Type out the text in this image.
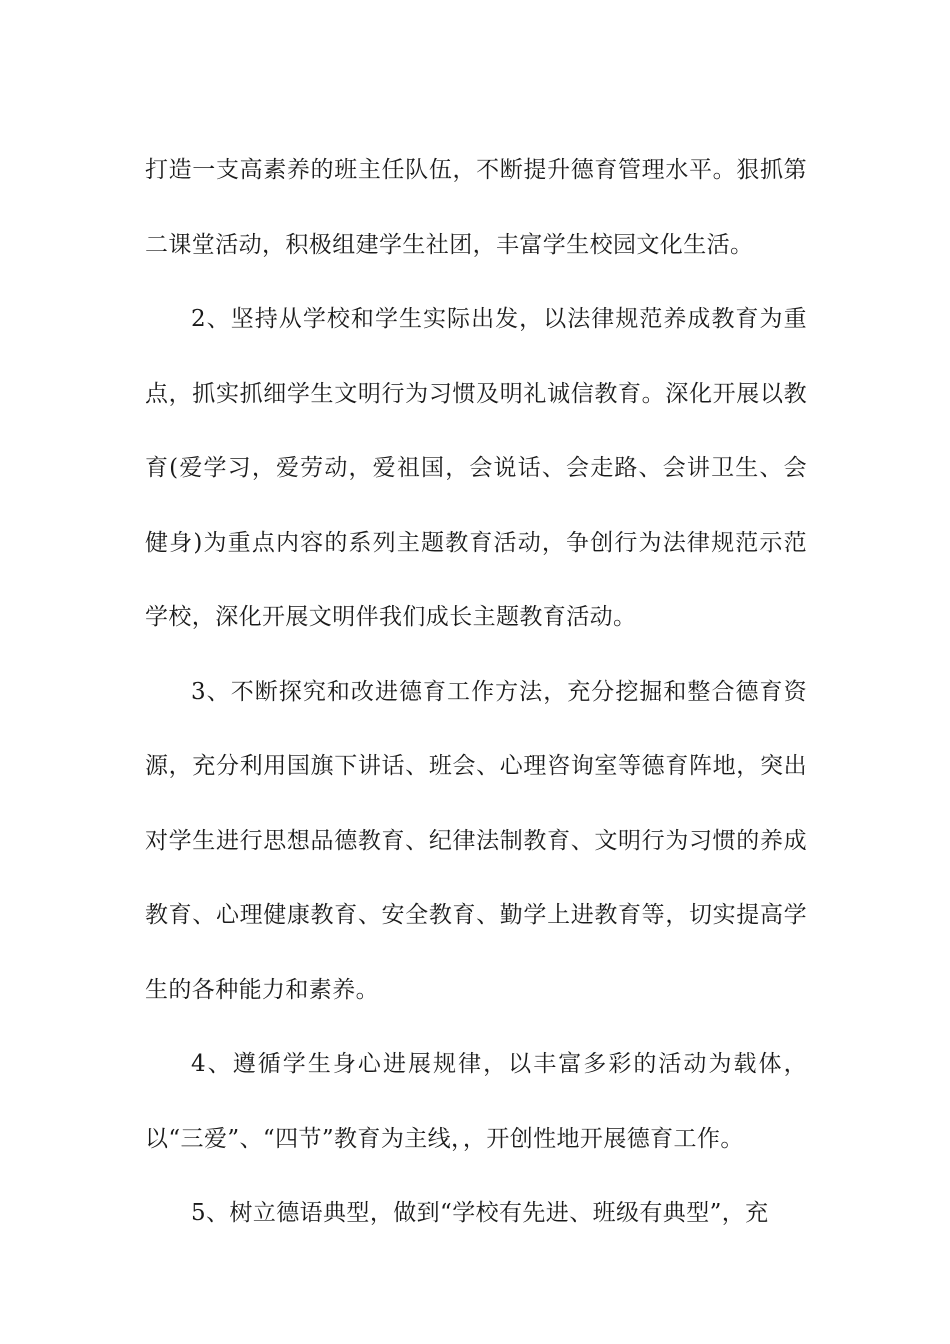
打造一支高素养的班主任队伍，不断提升德育管理水平。狠抓第二课堂活动，积极组建学生社团，丰富学生校园文化生活。

2、坚持从学校和学生实际出发，以法律规范养成教育为重点，抓实抓细学生文明行为习惯及明礼诚信教育。深化开展以教育(爱学习，爱劳动，爱祖国，会说话、会走路、会讲卫生、会健身)为重点内容的系列主题教育活动，争创行为法律规范示范学校，深化开展文明伴我们成长主题教育活动。

3、不断探究和改进德育工作方法，充分挖掘和整合德育资源，充分利用国旗下讲话、班会、心理咨询室等德育阵地，突出对学生进行思想品德教育、纪律法制教育、文明行为习惯的养成教育、心理健康教育、安全教育、勤学上进教育等，切实提高学生的各种能力和素养。

4、遵循学生身心进展规律，以丰富多彩的活动为载体，以“三爱”、“四节”教育为主线，，开创性地开展德育工作。

5、树立德语典型，做到“学校有先进、班级有典型”，充
